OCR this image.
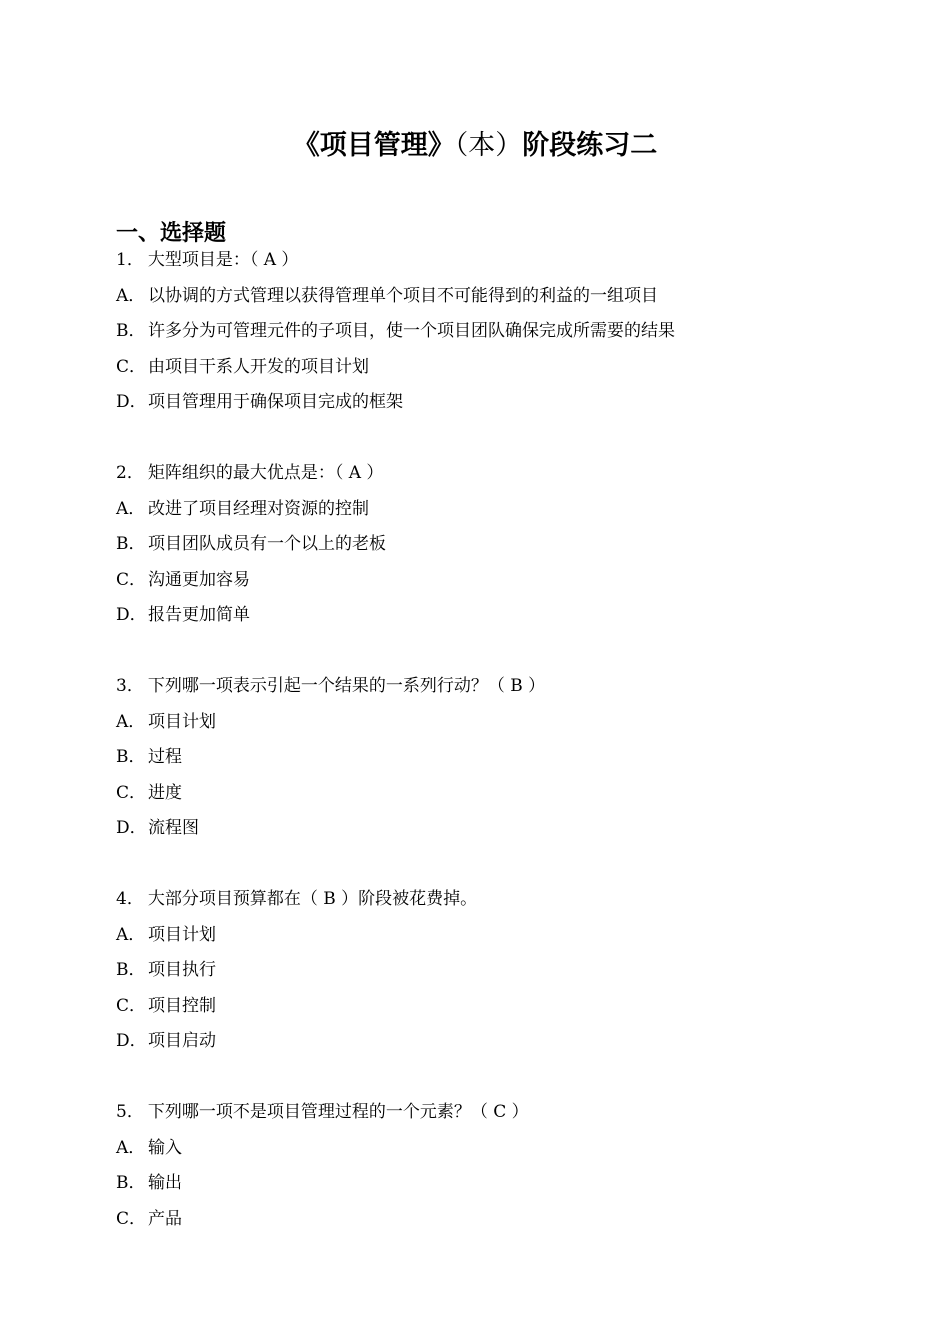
《项目管理》（本）阶段练习二
一、选择题
1． 大型项目是：（ A ）
A． 以协调的方式管理以获得管理单个项目不可能得到的利益的一组项目
B． 许多分为可管理元件的子项目，使一个项目团队确保完成所需要的结果
C． 由项目干系人开发的项目计划
D．项目管理用于确保项目完成的框架
2． 矩阵组织的最大优点是：（ A ）
A． 改进了项目经理对资源的控制
B． 项目团队成员有一个以上的老板
C． 沟通更加容易
D．报告更加简单
3． 下列哪一项表示引起一个结果的一系列行动？（ B ）
A． 项目计划
B． 过程
C． 进度
D．流程图
4． 大部分项目预算都在（ B ）阶段被花费掉。
A． 项目计划
B． 项目执行
C． 项目控制
D．项目启动
5． 下列哪一项不是项目管理过程的一个元素？（ C ）
A． 输入
B． 输出
C． 产品
